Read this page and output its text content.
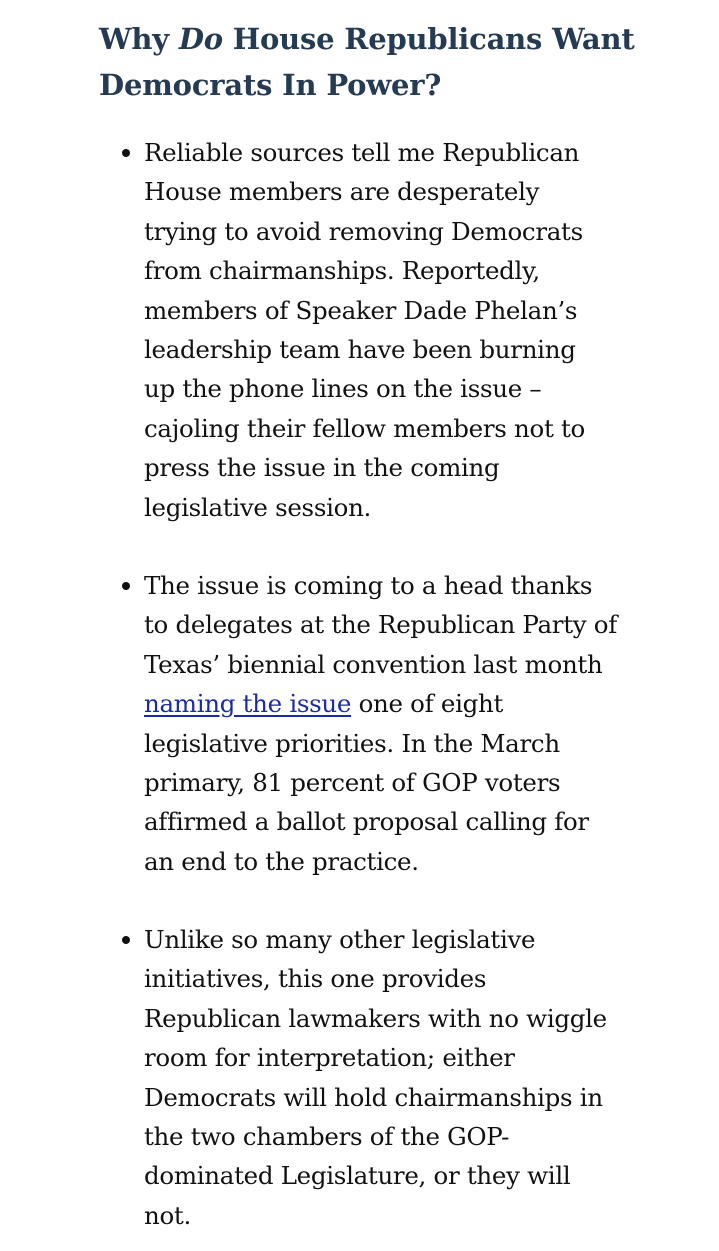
Why Do House Republicans Want
Democrats In Power?
Reliable sources tell me Republican
House members are desperately
trying to avoid removing Democrats
from chairmanships. Reportedly,
members of Speaker Dade Phelan’s
leadership team have been burning
up the phone lines on the issue –
cajoling their fellow members not to
press the issue in the coming
legislative session.
The issue is coming to a head thanks
to delegates at the Republican Party of
Texas’ biennial convention last month
naming the issue one of eight
legislative priorities. In the March
primary, 81 percent of GOP voters
affirmed a ballot proposal calling for
an end to the practice.
Unlike so many other legislative
initiatives, this one provides
Republican lawmakers with no wiggle
room for interpretation; either
Democrats will hold chairmanships in
the two chambers of the GOP-
dominated Legislature, or they will
not.
